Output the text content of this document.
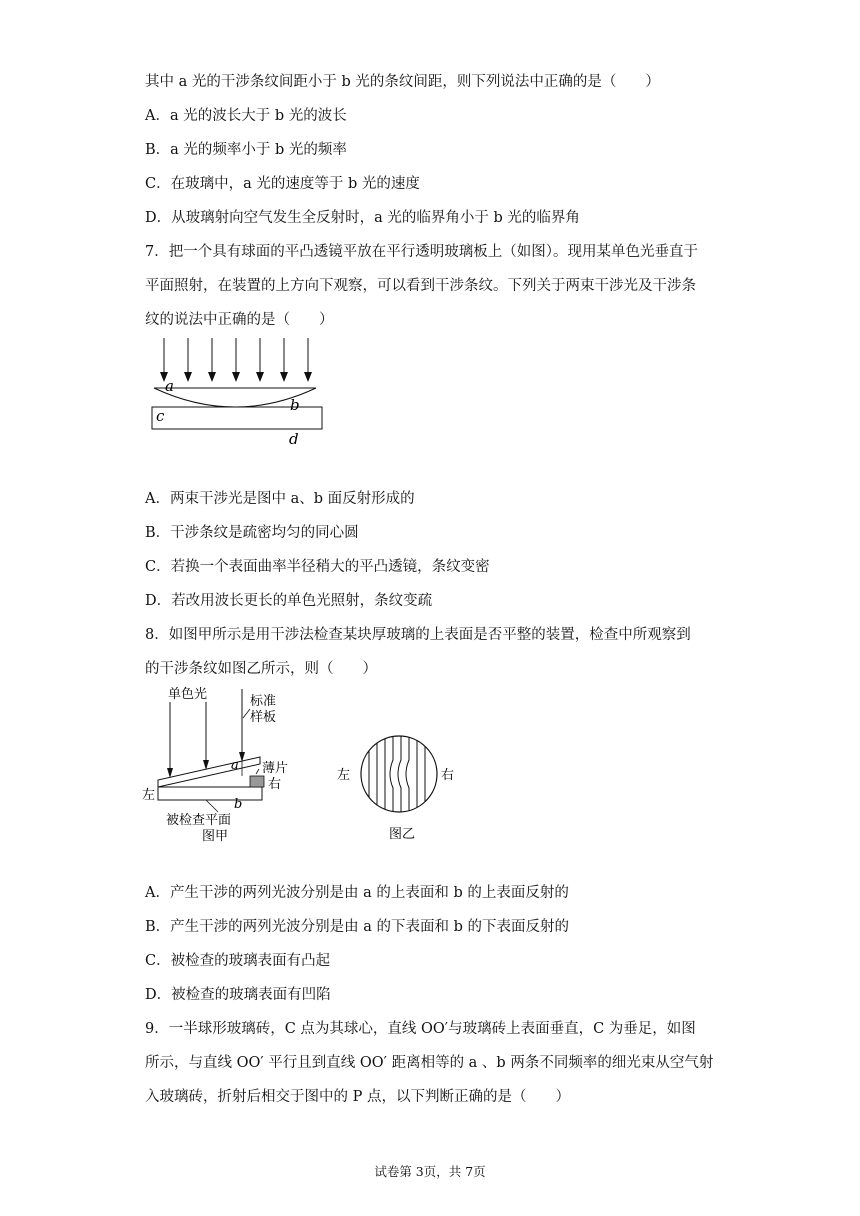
其中 a 光的干涉条纹间距小于 b 光的条纹间距，则下列说法中正确的是（　　）
A．a 光的波长大于 b 光的波长
B．a 光的频率小于 b 光的频率
C．在玻璃中，a 光的速度等于 b 光的速度
D．从玻璃射向空气发生全反射时，a 光的临界角小于 b 光的临界角
7．把一个具有球面的平凸透镜平放在平行透明玻璃板上（如图）。现用某单色光垂直于
平面照射，在装置的上方向下观察，可以看到干涉条纹。下列关于两束干涉光及干涉条
纹的说法中正确的是（　　）
a
b
c
d
A．两束干涉光是图中 a、b 面反射形成的
B．干涉条纹是疏密均匀的同心圆
C．若换一个表面曲率半径稍大的平凸透镜，条纹变密
D．若改用波长更长的单色光照射，条纹变疏
8．如图甲所示是用干涉法检查某块厚玻璃的上表面是否平整的装置，检查中所观察到
的干涉条纹如图乙所示，则（　　）
单色光	标准
样板
薄片
右
左
a
b
被检查平面
图甲
左	右
图乙
A．产生干涉的两列光波分别是由 a 的上表面和 b 的上表面反射的
B．产生干涉的两列光波分别是由 a 的下表面和 b 的下表面反射的
C．被检查的玻璃表面有凸起
D．被检查的玻璃表面有凹陷
9．一半球形玻璃砖，C 点为其球心，直线 OO′与玻璃砖上表面垂直，C 为垂足，如图
所示，与直线 OO′ 平行且到直线 OO′ 距离相等的 a 、b 两条不同频率的细光束从空气射
入玻璃砖，折射后相交于图中的 P 点，以下判断正确的是（　　）
试卷第 3页，共 7页
